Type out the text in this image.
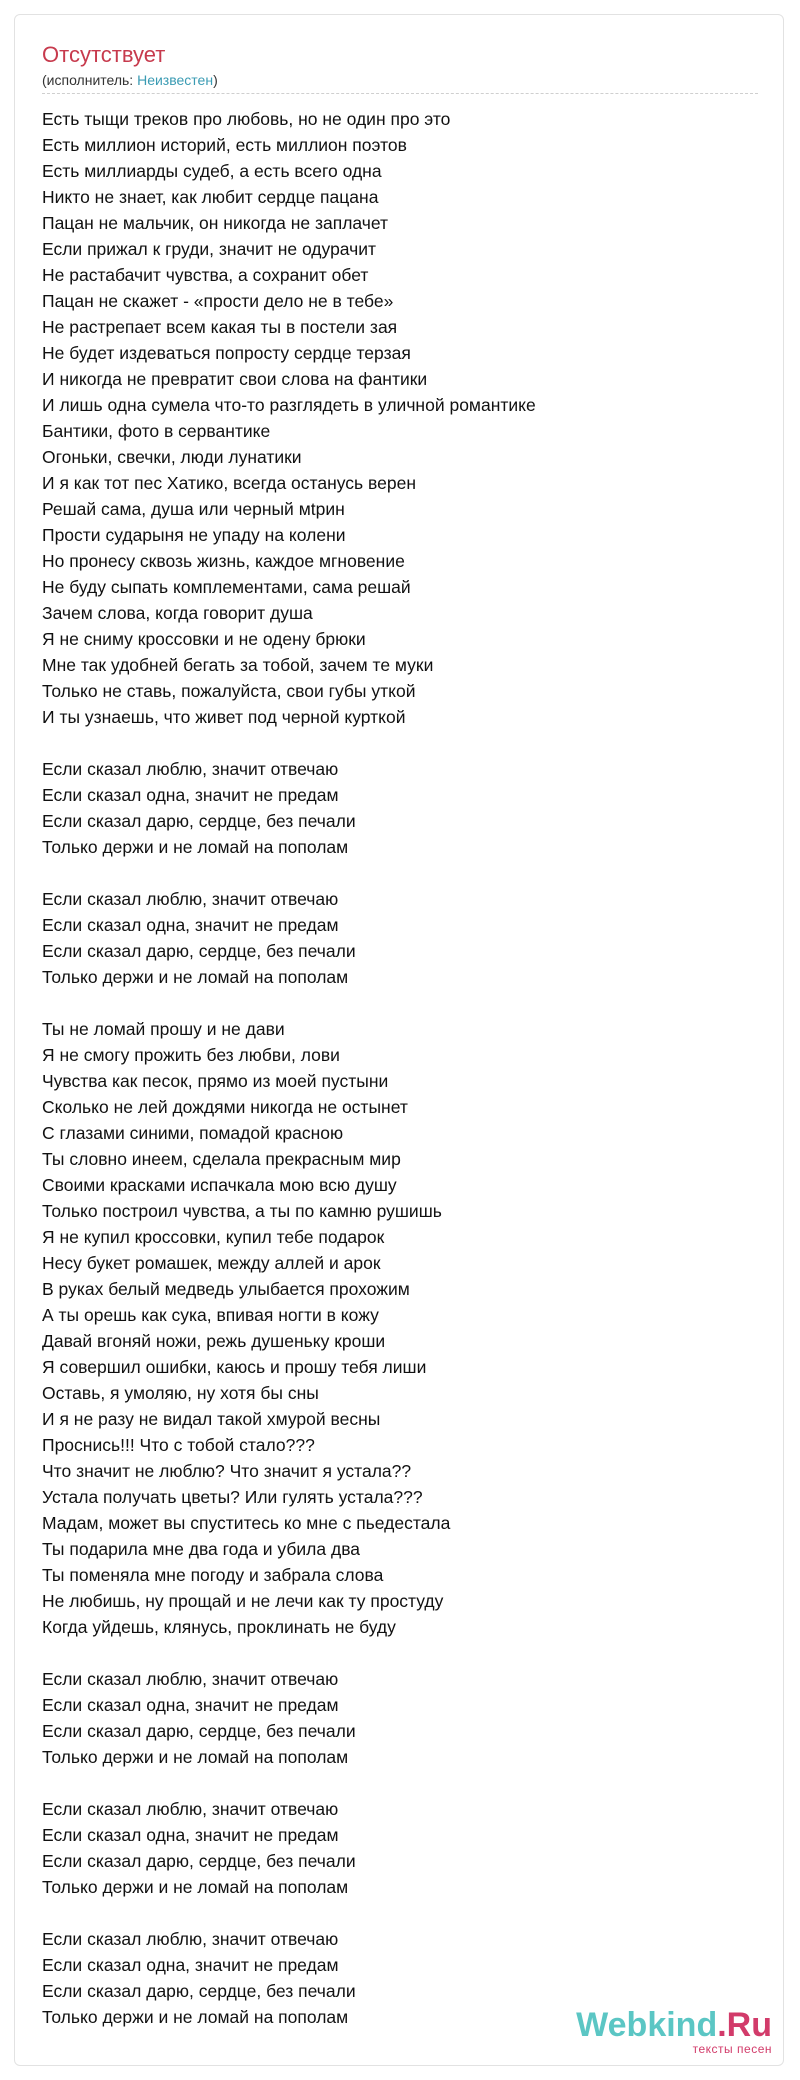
Отсутствует
(исполнитель: Неизвестен)
Есть тыщи треков про любовь, но не один про это
Есть миллион историй, есть миллион поэтов
Есть миллиарды судеб, а есть всего одна
Никто не знает, как любит сердце пацана
Пацан не мальчик, он никогда не заплачет
Если прижал к груди, значит не одурачит
Не растабачит чувства, а сохранит обет
Пацан не скажет - «прости дело не в тебе»
Не растрепает всем какая ты в постели зая
Не будет издеваться попросту сердце терзая
И никогда не превратит свои слова на фантики
И лишь одна сумела что-то разглядеть в уличной романтике
Бантики, фото в сервантике
Огоньки, свечки, люди лунатики
И я как тот пес Хатико, всегда останусь верен
Решай сама, душа или черный мtрин
Прости сударыня не упаду на колени
Но пронесу сквозь жизнь, каждое мгновение
Не буду сыпать комплементами, сама решай
Зачем слова, когда говорит душа
Я не сниму кроссовки и не одену брюки
Мне так удобней бегать за тобой, зачем те муки
Только не ставь, пожалуйста, свои губы уткой
И ты узнаешь, что живет под черной курткой
Если сказал люблю, значит отвечаю
Если сказал одна, значит не предам
Если сказал дарю, сердце, без печали
Только держи и не ломай на пополам
Если сказал люблю, значит отвечаю
Если сказал одна, значит не предам
Если сказал дарю, сердце, без печали
Только держи и не ломай на пополам
Ты не ломай прошу и не дави
Я не смогу прожить без любви, лови
Чувства как песок, прямо из моей пустыни
Сколько не лей дождями никогда не остынет
С глазами синими, помадой красною
Ты словно инеем, сделала прекрасным мир
Своими красками испачкала мою всю душу
Только построил чувства, а ты по камню рушишь
Я не купил кроссовки, купил тебе подарок
Несу букет ромашек, между аллей и арок
В руках белый медведь улыбается прохожим
А ты орешь как сука, впивая ногти в кожу
Давай вгоняй ножи, режь душеньку кроши
Я совершил ошибки, каюсь и прошу тебя лиши
Оставь, я умоляю, ну хотя бы сны
И я не разу не видал такой хмурой весны
Проснись!!! Что с тобой стало???
Что значит не люблю? Что значит я устала??
Устала получать цветы? Или гулять устала???
Мадам, может вы спуститесь ко мне с пьедестала
Ты подарила мне два года и убила два
Ты поменяла мне погоду и забрала слова
Не любишь, ну прощай и не лечи как ту простуду
Когда уйдешь, клянусь, проклинать не буду
Если сказал люблю, значит отвечаю
Если сказал одна, значит не предам
Если сказал дарю, сердце, без печали
Только держи и не ломай на пополам
Если сказал люблю, значит отвечаю
Если сказал одна, значит не предам
Если сказал дарю, сердце, без печали
Только держи и не ломай на пополам
Если сказал люблю, значит отвечаю
Если сказал одна, значит не предам
Если сказал дарю, сердце, без печали
Только держи и не ломай на пополам	Webkind.Ru
тексты песен
